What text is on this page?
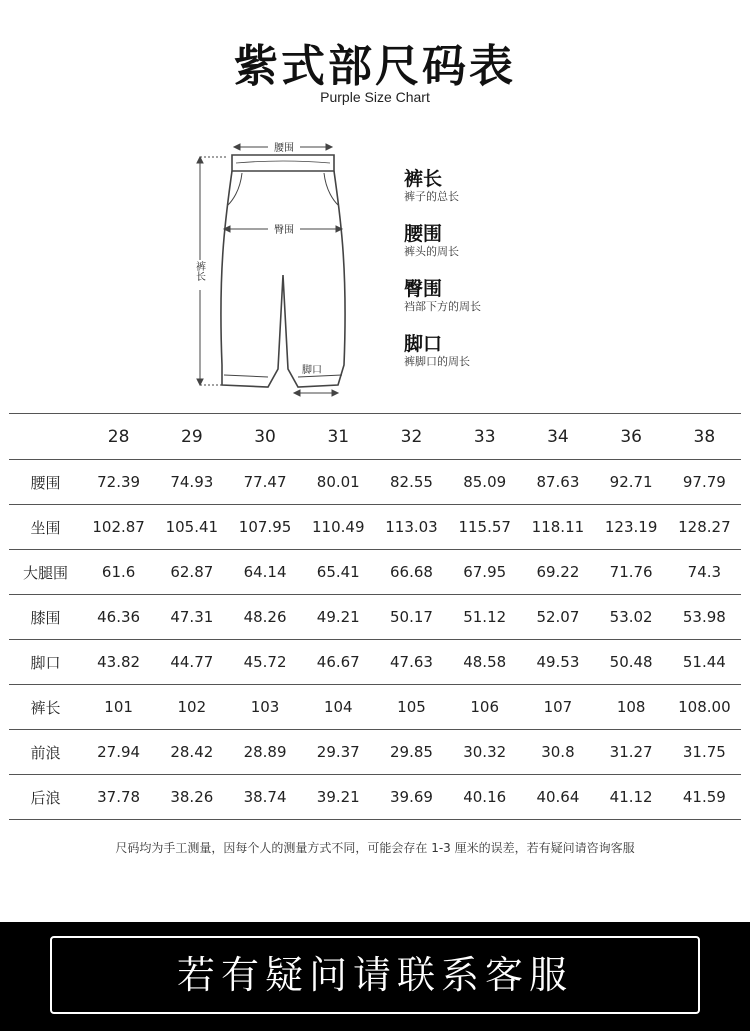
紫式部尺码表
Purple Size Chart
腰围
臀围
裤长
脚口
裤长
裤子的总长
腰围
裤头的周长
臀围
裆部下方的周长
脚口
裤脚口的周长
	28	29	30	31	32	33	34	36	38
腰围	72.39	74.93	77.47	80.01	82.55	85.09	87.63	92.71	97.79
坐围	102.87	105.41	107.95	110.49	113.03	115.57	118.11	123.19	128.27
大腿围	61.6	62.87	64.14	65.41	66.68	67.95	69.22	71.76	74.3
膝围	46.36	47.31	48.26	49.21	50.17	51.12	52.07	53.02	53.98
脚口	43.82	44.77	45.72	46.67	47.63	48.58	49.53	50.48	51.44
裤长	101	102	103	104	105	106	107	108	108.00
前浪	27.94	28.42	28.89	29.37	29.85	30.32	30.8	31.27	31.75
后浪	37.78	38.26	38.74	39.21	39.69	40.16	40.64	41.12	41.59
尺码均为手工测量，因每个人的测量方式不同，可能会存在 1-3 厘米的误差，若有疑问请咨询客服
若有疑问请联系客服
